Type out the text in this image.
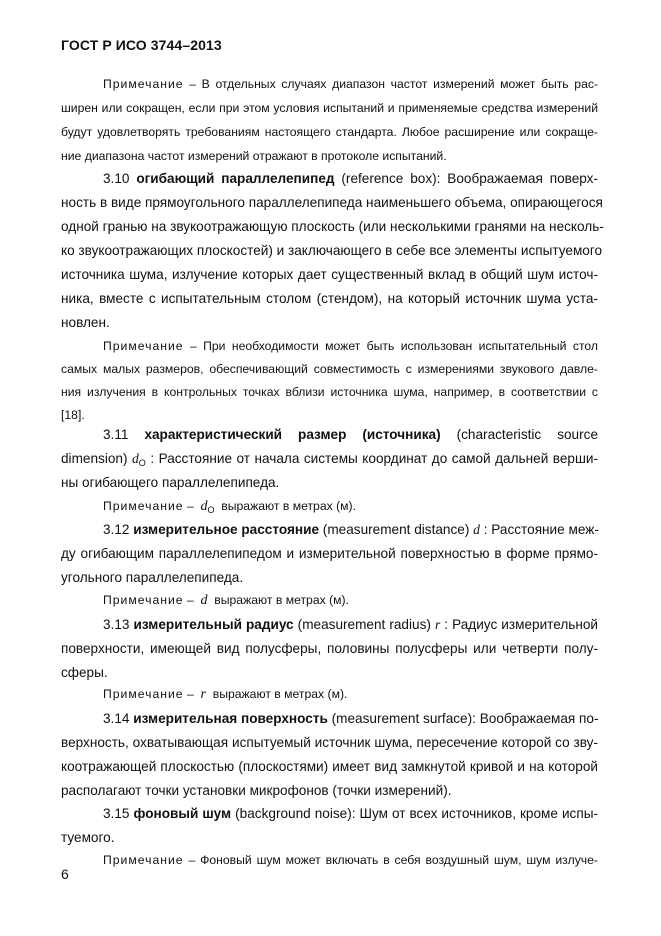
ГОСТ Р ИСО 3744–2013
Примечание – В отдельных случаях диапазон частот измерений может быть рас-
ширен или сокращен, если при этом условия испытаний и применяемые средства измерений
будут удовлетворять требованиям настоящего стандарта. Любое расширение или сокраще-
ние диапазона частот измерений отражают в протоколе испытаний.
3.10 огибающий параллелепипед (reference box): Воображаемая поверх-
ность в виде прямоугольного параллелепипеда наименьшего объема, опирающегося
одной гранью на звукоотражающую плоскость (или несколькими гранями на несколь-
ко звукоотражающих плоскостей) и заключающего в себе все элементы испытуемого
источника шума, излучение которых дает существенный вклад в общий шум источ-
ника, вместе с испытательным столом (стендом), на который источник шума уста-
новлен.
Примечание – При необходимости может быть использован испытательный стол
самых малых размеров, обеспечивающий совместимость с измерениями звукового давле-
ния излучения в контрольных точках вблизи источника шума, например, в соответствии с
[18].
3.11 характеристический размер (источника) (characteristic source
dimension) $d_O$ : Расстояние от начала системы координат до самой дальней верши-
ны огибающего параллелепипеда.
Примечание – $d_O$ выражают в метрах (м).
3.12 измерительное расстояние (measurement distance) d : Расстояние меж-
ду огибающим параллелепипедом и измерительной поверхностью в форме прямо-
угольного параллелепипеда.
Примечание – d выражают в метрах (м).
3.13 измерительный радиус (measurement radius) r : Радиус измерительной
поверхности, имеющей вид полусферы, половины полусферы или четверти полу-
сферы.
Примечание – r выражают в метрах (м).
3.14 измерительная поверхность (measurement surface): Воображаемая по-
верхность, охватывающая испытуемый источник шума, пересечение которой со зву-
коотражающей плоскостью (плоскостями) имеет вид замкнутой кривой и на которой
располагают точки установки микрофонов (точки измерений).
3.15 фоновый шум (background noise): Шум от всех источников, кроме испы-
туемого.
Примечание – Фоновый шум может включать в себя воздушный шум, шум излуче-
6
